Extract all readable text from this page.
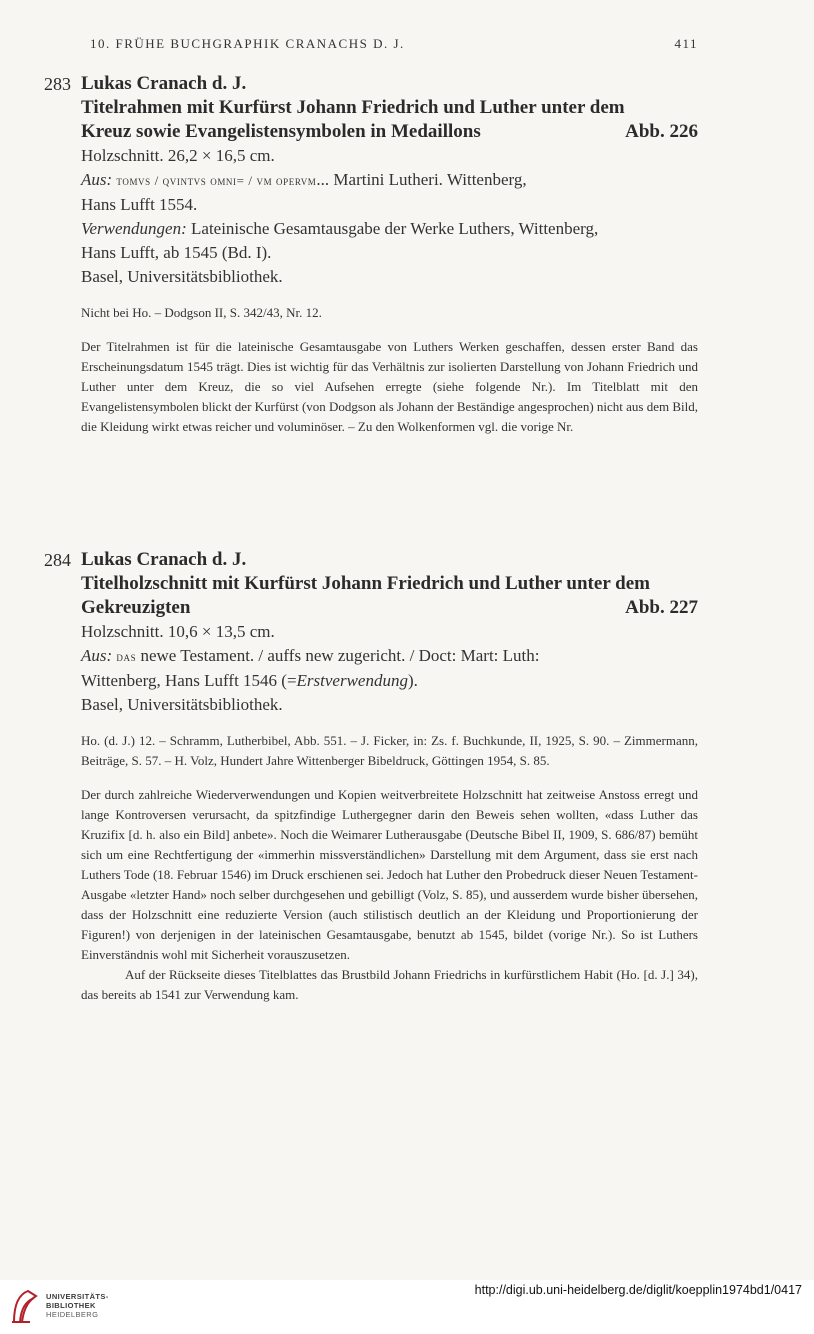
10. FRÜHE BUCHGRAPHIK CRANACHS D. J.	411
283 Lukas Cranach d. J.
Titelrahmen mit Kurfürst Johann Friedrich und Luther unter dem
Kreuz sowie Evangelistensymbolen in Medaillons	Abb. 226
Holzschnitt. 26,2 × 16,5 cm.
Aus: tomvs / qvintvs omni= / vm opervm... Martini Lutheri. Wittenberg,
Hans Lufft 1554.
Verwendungen: Lateinische Gesamtausgabe der Werke Luthers, Wittenberg,
Hans Lufft, ab 1545 (Bd. I).
Basel, Universitätsbibliothek.
Nicht bei Ho. – Dodgson II, S. 342/43, Nr. 12.
Der Titelrahmen ist für die lateinische Gesamtausgabe von Luthers Werken geschaffen, dessen erster Band das Erscheinungsdatum 1545 trägt. Dies ist wichtig für das Verhältnis zur isolierten Darstellung von Johann Friedrich und Luther unter dem Kreuz, die so viel Aufsehen erregte (siehe folgende Nr.). Im Titelblatt mit den Evangelistensymbolen blickt der Kurfürst (von Dodgson als Johann der Beständige angesprochen) nicht aus dem Bild, die Kleidung wirkt etwas reicher und voluminöser. – Zu den Wolkenformen vgl. die vorige Nr.
284 Lukas Cranach d. J.
Titelholzschnitt mit Kurfürst Johann Friedrich und Luther unter dem
Gekreuzigten	Abb. 227
Holzschnitt. 10,6 × 13,5 cm.
Aus: das newe Testament. / auffs new zugericht. / Doct: Mart: Luth:
Wittenberg, Hans Lufft 1546 (=Erstverwendung).
Basel, Universitätsbibliothek.
Ho. (d. J.) 12. – Schramm, Lutherbibel, Abb. 551. – J. Ficker, in: Zs. f. Buchkunde, II, 1925, S. 90. – Zimmermann, Beiträge, S. 57. – H. Volz, Hundert Jahre Wittenberger Bibeldruck, Göttingen 1954, S. 85.
Der durch zahlreiche Wiederverwendungen und Kopien weitverbreitete Holzschnitt hat zeitweise Anstoss erregt und lange Kontroversen verursacht, da spitzfindige Luthergegner darin den Beweis sehen wollten, «dass Luther das Kruzifix [d. h. also ein Bild] anbete». Noch die Weimarer Lutherausgabe (Deutsche Bibel II, 1909, S. 686/87) bemüht sich um eine Rechtfertigung der «immerhin missverständlichen» Darstellung mit dem Argument, dass sie erst nach Luthers Tode (18. Februar 1546) im Druck erschienen sei. Jedoch hat Luther den Probedruck dieser Neuen Testament-Ausgabe «letzter Hand» noch selber durchgesehen und gebilligt (Volz, S. 85), und ausserdem wurde bisher übersehen, dass der Holzschnitt eine reduzierte Version (auch stilistisch deutlich an der Kleidung und Proportionierung der Figuren!) von derjenigen in der lateinischen Gesamtausgabe, benutzt ab 1545, bildet (vorige Nr.). So ist Luthers Einverständnis wohl mit Sicherheit vorauszusetzen.
Auf der Rückseite dieses Titelblattes das Brustbild Johann Friedrichs in kurfürstlichem Habit (Ho. [d. J.] 34), das bereits ab 1541 zur Verwendung kam.
UNIVERSITÄTS-
BIBLIOTHEK
HEIDELBERG
http://digi.ub.uni-heidelberg.de/diglit/koepplin1974bd1/0417
